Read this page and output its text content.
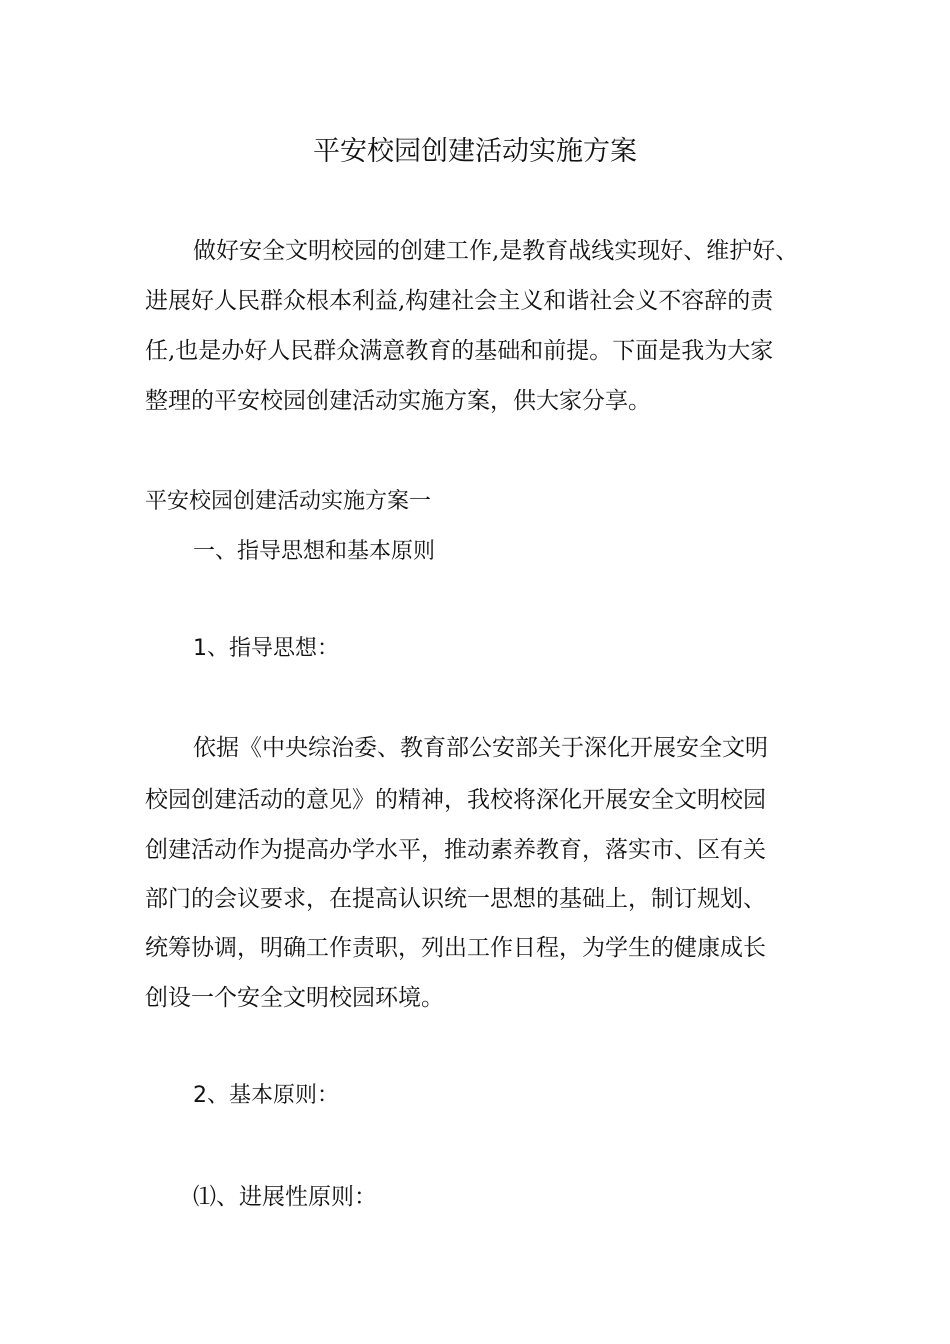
平安校园创建活动实施方案
做好安全文明校园的创建工作,是教育战线实现好、维护好、
进展好人民群众根本利益,构建社会主义和谐社会义不容辞的责
任,也是办好人民群众满意教育的基础和前提。下面是我为大家
整理的平安校园创建活动实施方案，供大家分享。
平安校园创建活动实施方案一
一、指导思想和基本原则
1、指导思想：
依据《中央综治委、教育部公安部关于深化开展安全文明
校园创建活动的意见》的精神，我校将深化开展安全文明校园
创建活动作为提高办学水平，推动素养教育，落实市、区有关
部门的会议要求，在提高认识统一思想的基础上，制订规划、
统筹协调，明确工作责职，列出工作日程，为学生的健康成长
创设一个安全文明校园环境。
2、基本原则：
⑴、进展性原则：
